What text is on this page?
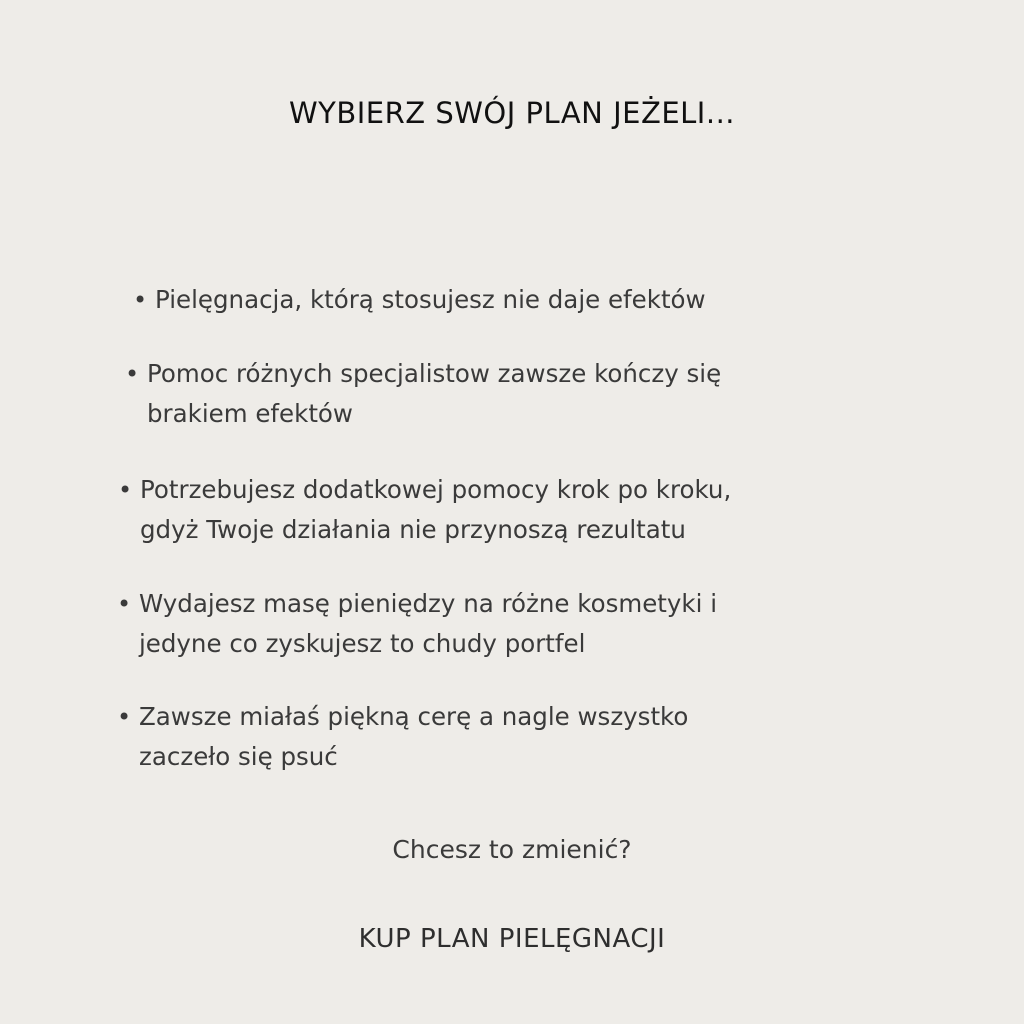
WYBIERZ SWÓJ PLAN JEŻELI...
• Pielęgnacja, którą stosujesz nie daje efektów
• Pomoc różnych specjalistow zawsze kończy się
brakiem efektów
• Potrzebujesz dodatkowej pomocy krok po kroku,
gdyż Twoje działania nie przynoszą rezultatu
• Wydajesz masę pieniędzy na różne kosmetyki i
jedyne co zyskujesz to chudy portfel
• Zawsze miałaś piękną cerę a nagle wszystko
zaczeło się psuć
Chcesz to zmienić?
KUP PLAN PIELĘGNACJI
